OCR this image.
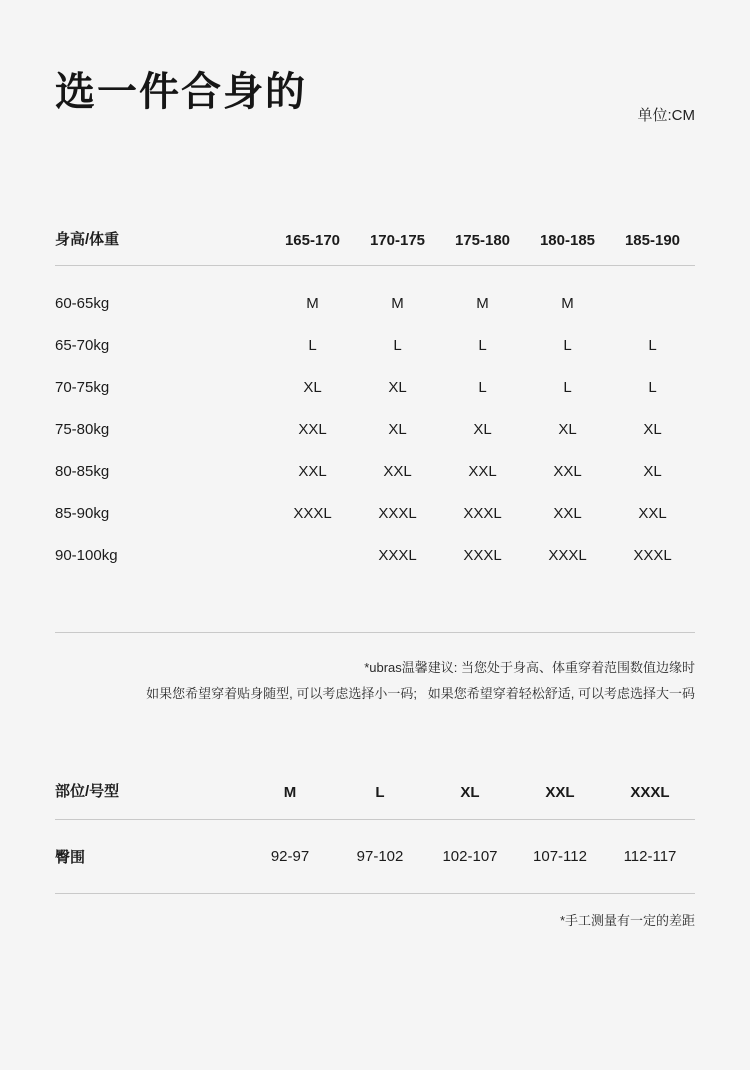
选一件合身的
单位:CM
身高/体重	165-170	170-175	175-180	180-185	185-190
60-65kg	M	M	M	M	
65-70kg	L	L	L	L	L
70-75kg	XL	XL	L	L	L
75-80kg	XXL	XL	XL	XL	XL
80-85kg	XXL	XXL	XXL	XXL	XL
85-90kg	XXXL	XXXL	XXXL	XXL	XXL
90-100kg		XXXL	XXXL	XXXL	XXXL
*ubras温馨建议: 当您处于身高、体重穿着范围数值边缘时
如果您希望穿着贴身随型, 可以考虑选择小一码;   如果您希望穿着轻松舒适, 可以考虑选择大一码
部位/号型	M	L	XL	XXL	XXXL
臀围	92-97	97-102	102-107	107-112	112-117
*手工测量有一定的差距
